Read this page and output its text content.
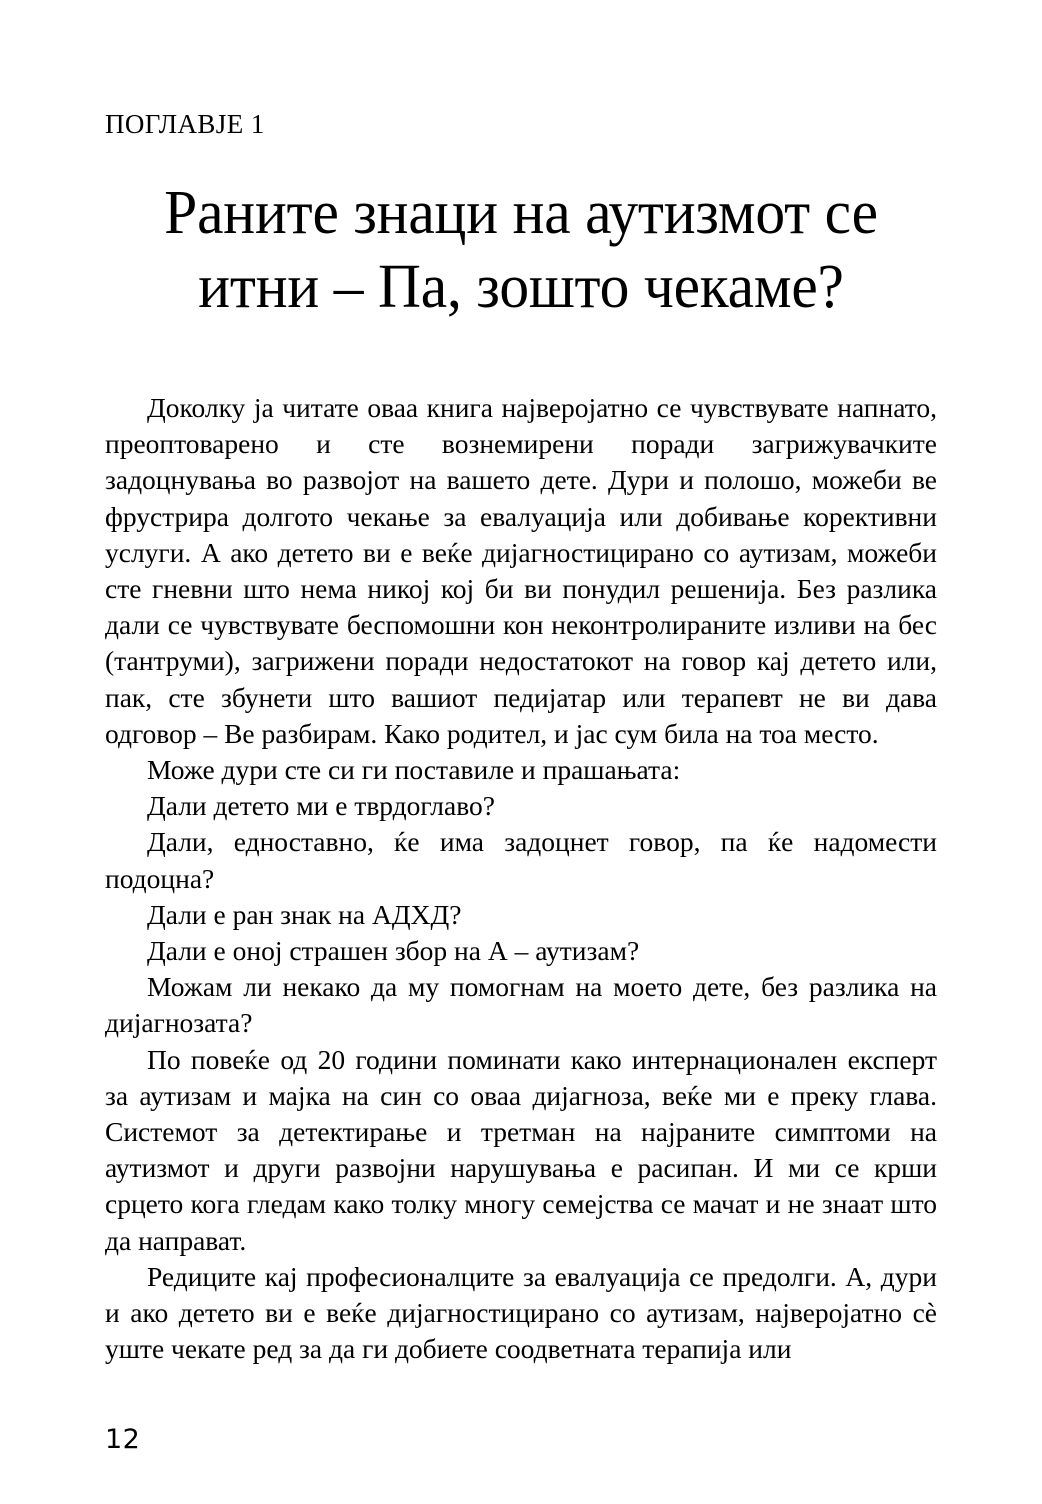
ПОГЛАВЈЕ 1
Раните знаци на аутизмот се
итни – Па, зошто чекаме?

Доколку ја читате оваа книга најверојатно се чувствувате напнато, преоптоварено и сте вознемирени поради загрижувачките задоцнувања во развојот на вашето дете. Дури и полошо, можеби ве фрустрира долгото чекање за евалуација или добивање корективни услуги. А ако детето ви е веќе дијагностицирано со аутизам, можеби сте гневни што нема никој кој би ви понудил решенија. Без разлика дали се чувствувате беспомошни кон неконтролираните изливи на бес (тантруми), загрижени поради недостатокот на говор кај детето или, пак, сте збунети што вашиот педијатар или терапевт не ви дава одговор – Ве разбирам. Како родител, и јас сум била на тоа место.

Може дури сте си ги поставиле и прашањата:

Дали детето ми е тврдоглаво?

Дали, едноставно, ќе има задоцнет говор, па ќе надомести подоцна?

Дали е ран знак на АДХД?

Дали е оној страшен збор на А – аутизам?

Можам ли некако да му помогнам на моето дете, без разлика на дијагнозата?

По повеќе од 20 години поминати како интернационален експерт за аутизам и мајка на син со оваа дијагноза, веќе ми е преку глава. Системот за детектирање и третман на најраните симптоми на аутизмот и други развојни нарушувања е расипан. И ми се крши срцето кога гледам како толку многу семејства се мачат и не знаат што да направат.

Редиците кај професионалците за евалуација се предолги. А, дури и ако детето ви е веќе дијагностицирано со аутизам, најверојатно сѐ уште чекате ред за да ги добиете соодветната терапија или

12
